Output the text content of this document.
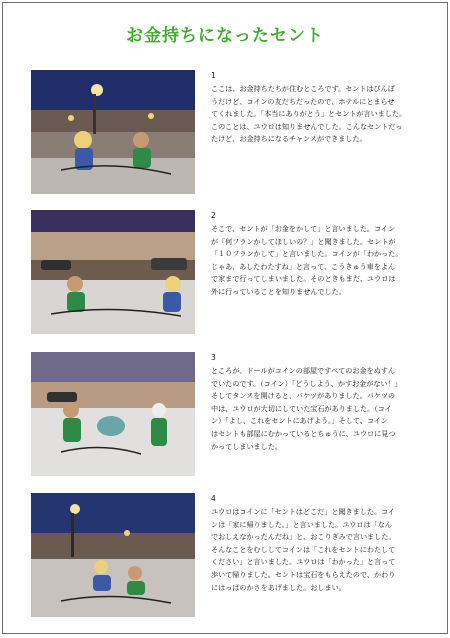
お金持ちになったセント
1
ここは、お金持ちたちが住むところです。セントはびんぼ
うだけど、コインの友だちだったので、ホテルにとまらせ
てくれました。「本当にありがとう」とセントが言いました。
このことは、ユウロは知りませんでした。こんなセントだっ
たけど、お金持ちになるチャンスができました。
2
そこで、セントが「お金をかして」と言いました。コイン
が「何フランかしてほしいの？」と聞きました。セントが
「１０フランかして」と言いました。コインが「わかった。
じゃあ、あしたわたすね」と言って、こうきゅう車をよん
で家まで行ってしまいました。そのときもまだ、ユウロは
外に行っていることを知りませんでした。
3
ところが、ドールがコインの部屋ですべてのお金をぬすん
でいたのです。（コイン）「どうしよう、かすお金がない！」
そしてタンスを開けると、バケツがありました。バケツの
中は、ユウロが大切にしていた宝石がありました。（コイ
ン）「よし、これをセントにあげよう。」そして、コイン
はセントも部屋にむかっているとちゅうに、ユウロに見つ
かってしまいました。
4
ユウロはコインに「セントはどこだ」と聞きました。コイ
ンは「家に帰りました。」と言いました。ユウロは「なん
でおしえなかったんだね」と、おこりぎみで言いました。
そんなことをむししてコインは「これをセントにわたして
ください」と言いました。ユウロは「わかった」と言って
歩いて帰りました。セントは宝石をもらえたので、かわり
にはっぱのかさをあげました。おしまい。
